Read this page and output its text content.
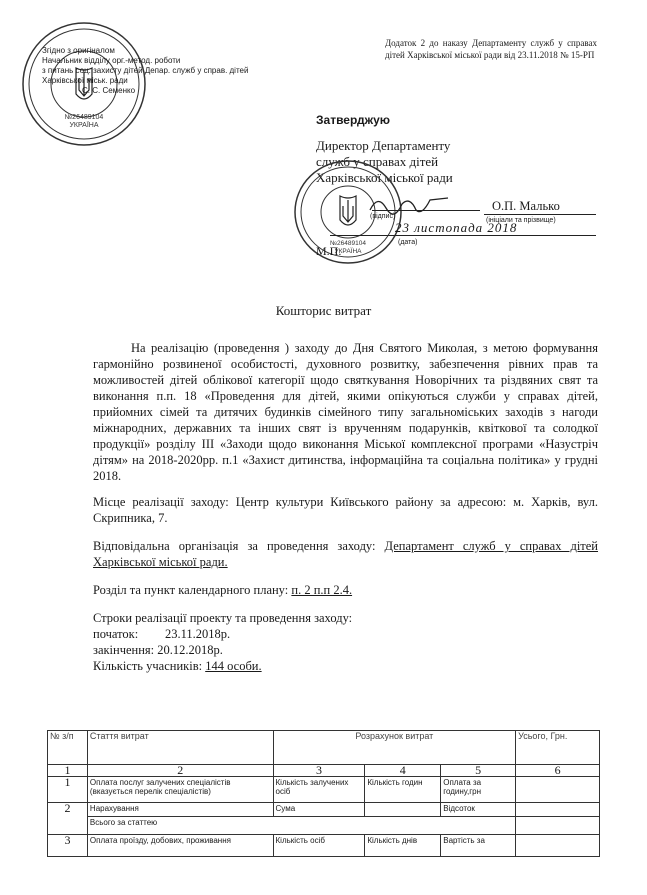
№26489104
УКРАЇНА
Згідно з оригіналом
Начальник відділу орг.-метод. роботи
з питань соц. захисту дітей Депар. служб у справ. дітей
Харківської міськ. ради
С. С. Семенко
Додаток 2 до наказу Департаменту служб у справах дітей Харківської міської ради від 23.11.2018 № 15-РП
Затверджую
Директор Департаменту служб у справах дітей Харківської міської ради
№26489104
УКРАЇНА
О.П. Малько
(підпис)
(ініціали та прізвище)
23 листопада 2018
(дата)
М.П.
Кошторис витрат

На реалізацію (проведення ) заходу до Дня Святого Миколая, з метою формування гармонійно розвиненої особистості, духовного розвитку, забезпечення рівних прав та можливостей дітей облікової категорії щодо святкування Новорічних та різдвяних свят та виконання п.п. 18 «Проведення для дітей, якими опікуються служби у справах дітей, прийомних сімей та дитячих будинків сімейного типу загальноміських заходів з нагоди міжнародних, державних та інших свят із врученням подарунків, квіткової та солодкої продукції» розділу ІІІ «Заходи щодо виконання Міської комплексної програми «Назустріч дітям» на 2018-2020рр. п.1 «Захист дитинства, інформаційна та соціальна політика» у грудні 2018.

Місце реалізації заходу: Центр культури Київського району за адресою: м. Харків, вул. Скрипника, 7.

Відповідальна організація за проведення заходу: Департамент служб у справах дітей Харківської міської ради.

Розділ та пункт календарного плану: п. 2 п.п 2.4.

Строки реалізації проекту та проведення заходу:

початок: 23.11.2018р.

закінчення: 20.12.2018р.

Кількість учасників: 144 особи.

№ з/п	Стаття витрат	Розрахунок витрат			Усього, Грн.
1	2	3	4	5	6
1	Оплата послуг залучених спеціалістів (вказується перелік спеціалістів)	Кількість залучених осіб	Кількість годин	Оплата за годину,грн	
2	Нарахування	Сума		Відсоток	
	Всього за статтею				
3	Оплата проїзду, добових, проживання	Кількість осіб	Кількість днів	Вартість за	
